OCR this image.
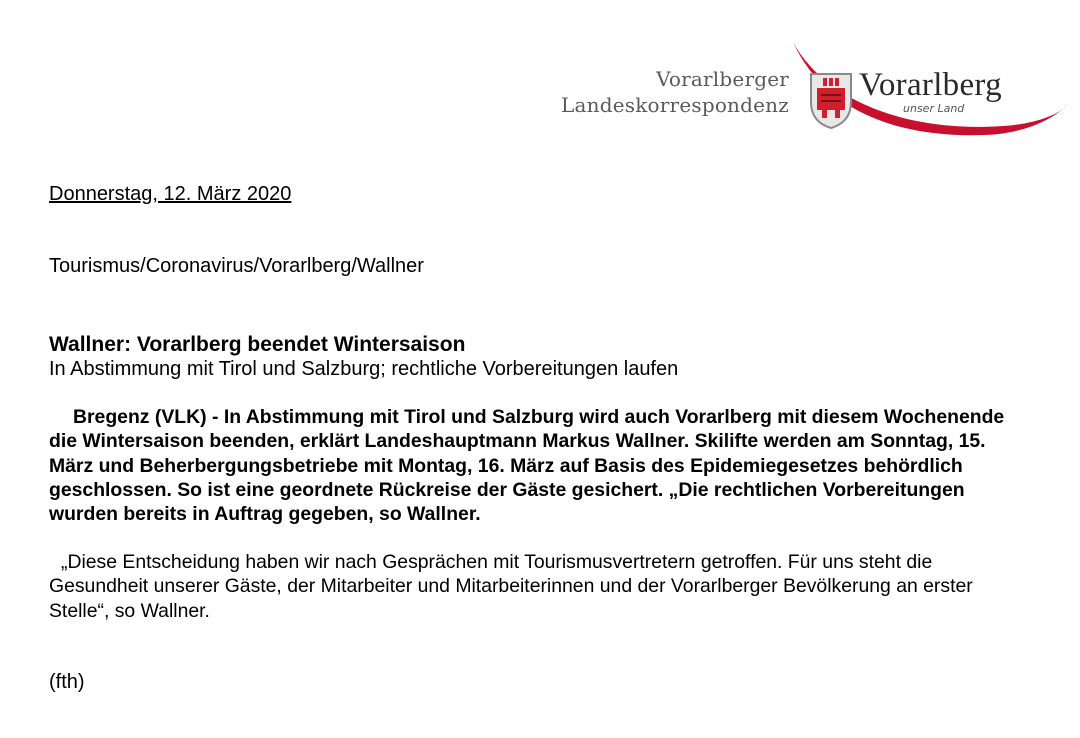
Vorarlberger
Landeskorrespondenz
Vorarlberg
unser Land
Donnerstag, 12. März 2020
Tourismus/Coronavirus/Vorarlberg/Wallner
Wallner: Vorarlberg beendet Wintersaison
In Abstimmung mit Tirol und Salzburg; rechtliche Vorbereitungen laufen
Bregenz (VLK) - In Abstimmung mit Tirol und Salzburg wird auch Vorarlberg mit diesem Wochenende die Wintersaison beenden, erklärt Landeshauptmann Markus Wallner. Skilifte werden am Sonntag, 15. März und Beherbergungsbetriebe mit Montag, 16. März auf Basis des Epidemiegesetzes behördlich geschlossen. So ist eine geordnete Rückreise der Gäste gesichert. „Die rechtlichen Vorbereitungen wurden bereits in Auftrag gegeben, so Wallner.
„Diese Entscheidung haben wir nach Gesprächen mit Tourismusvertretern getroffen. Für uns steht die Gesundheit unserer Gäste, der Mitarbeiter und Mitarbeiterinnen und der Vorarlberger Bevölkerung an erster Stelle“, so Wallner.
(fth)
